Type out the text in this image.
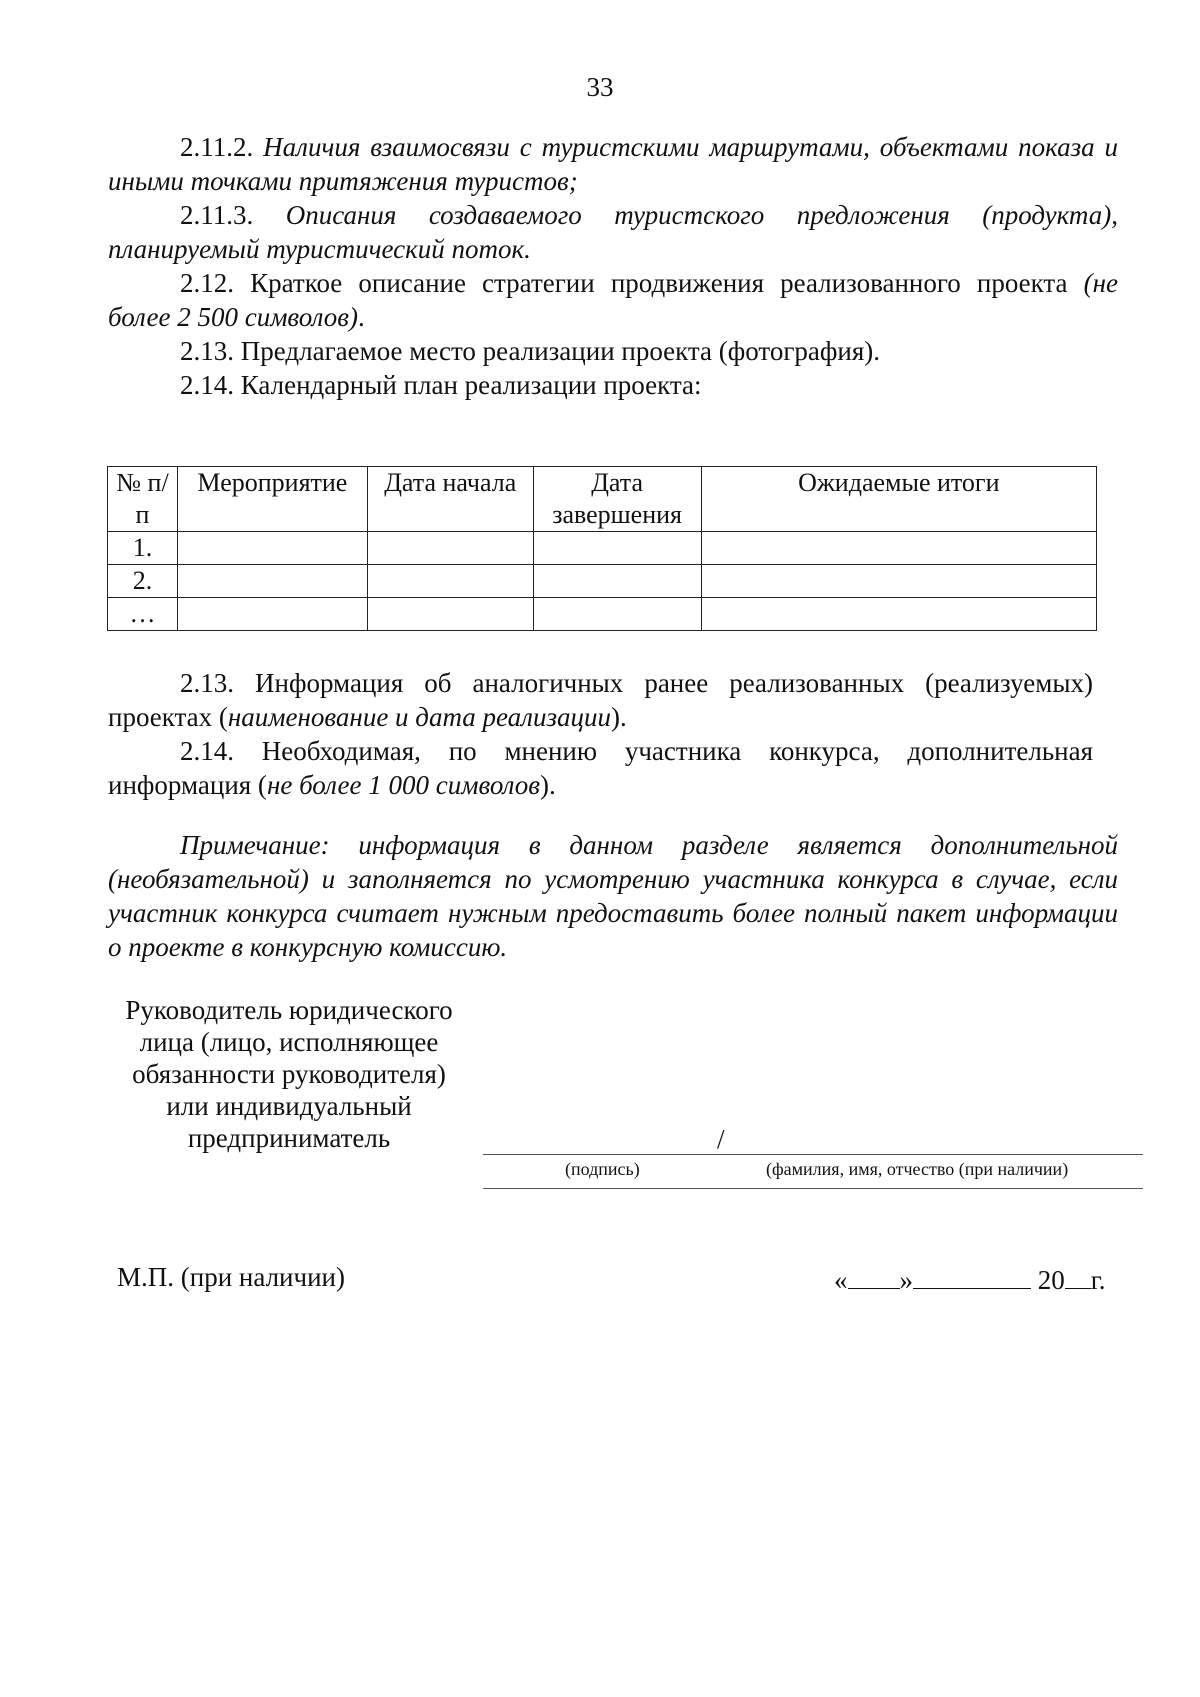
33

2.11.2. Наличия взаимосвязи с туристскими маршрутами, объектами показа и иными точками притяжения туристов;

2.11.3. Описания создаваемого туристского предложения (продукта), планируемый туристический поток.

2.12. Краткое описание стратегии продвижения реализованного проекта (не более 2 500 символов).

2.13. Предлагаемое место реализации проекта (фотография).

2.14. Календарный план реализации проекта:

№ п/п	Мероприятие	Дата начала	Дата завершения	Ожидаемые итоги
1.				
2.				
…				

2.13. Информация об аналогичных ранее реализованных (реализуемых) проектах (наименование и дата реализации).

2.14. Необходимая, по мнению участника конкурса, дополнительная информация (не более 1 000 символов).

Примечание: информация в данном разделе является дополнительной (необязательной) и заполняется по усмотрению участника конкурса в случае, если участник конкурса считает нужным предоставить более полный пакет информации о проекте в конкурсную комиссию.

Руководитель юридического лица (лицо, исполняющее обязанности руководителя) или индивидуальный предприниматель	/
(подпись)	(фамилия, имя, отчество (при наличии)
М.П. (при наличии)	« »	20 г.
